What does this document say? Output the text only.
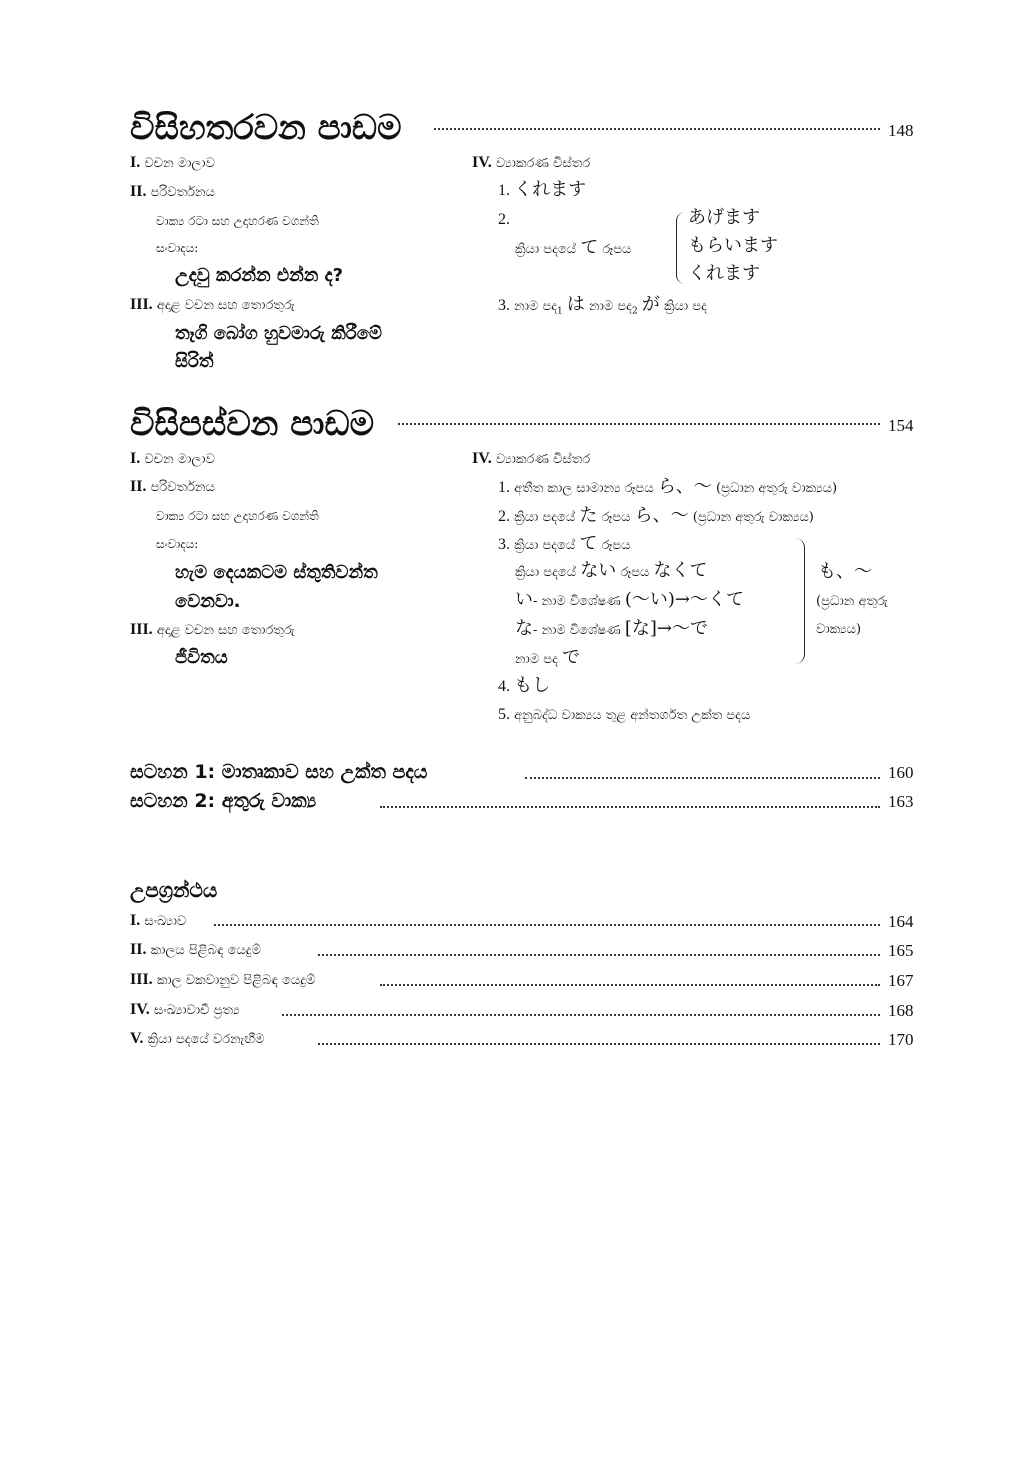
විසිහතරවන පාඩම	148
I. වචන මාලාව
II. පරිවර්තනය
වාක්‍ය රටා සහ උදාහරණ වගන්ති
සංවාදය:
උදවු කරන්න එන්න ද?
III. අදාළ වචන සහ තොරතුරු
තෑගි බෝග හුවමාරු කිරීමේ
සිරිත්
IV. ව්‍යාකරණ විස්තර
1. くれます
2.
ක්‍රියා පදයේ て රූපය
あげます
もらいます
くれます
3. නාම පද$_1$ は නාම පද$_2$ が ක්‍රියා පද
විසිපස්වන පාඩම	154
I. වචන මාලාව
II. පරිවර්තනය
වාක්‍ය රටා සහ උදාහරණ වගන්ති
සංවාදය:
හැම දෙයකටම ස්තුතිවන්ත
වෙනවා.
III. අදාළ වචන සහ තොරතුරු
ජීවිතය
IV. ව්‍යාකරණ විස්තර
1. අතීත කාල සාමාන්‍ය රූපය ら、～ (ප්‍රධාන අතුරු වාක්‍යය)
2. ක්‍රියා පදයේ た රූපය ら、～ (ප්‍රධාන අතුරු වාක්‍යය)
3. ක්‍රියා පදයේ て රූපය
ක්‍රියා පදයේ ない රූපය なくて
い- නාම විශේෂණ (～い)→～くて
な- නාම විශේෂණ [な]→～で
නාම පද で
も、～
(ප්‍රධාන අතුරු
වාක්‍යය)
4. もし
5. අනුබද්ධ වාක්‍යය තුළ අන්තර්ගත උක්ත පදය
සටහන 1: මාතෘකාව සහ උක්ත පදය	160
සටහන 2: අතුරු වාක්‍ය	163
උපග්‍රන්ථය
I. සංඛ්‍යාව	164
II. කාලය පිළිබඳ යෙදුම්	165
III. කාල වකවානුව පිළිබඳ යෙදුම්	167
IV. සංඛ්‍යාවාචී ප්‍රත්‍ය	168
V. ක්‍රියා පදයේ වරනැඟීම	170
